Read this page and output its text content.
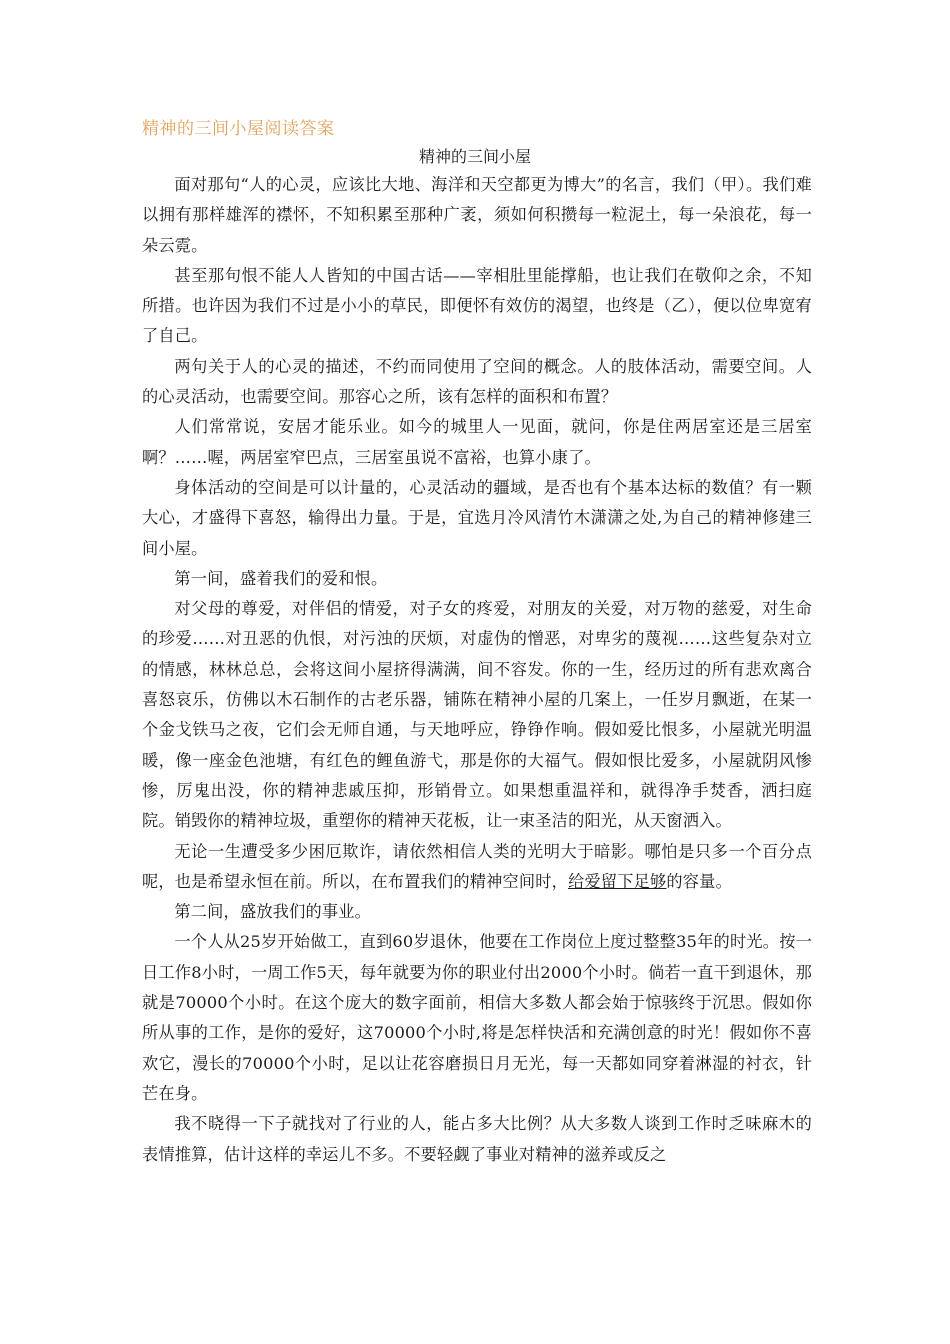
精神的三间小屋阅读答案
精神的三间小屋

面对那句“人的心灵，应该比大地、海洋和天空都更为博大”的名言，我们（甲）。我们难以拥有那样雄浑的襟怀，不知积累至那种广袤，须如何积攒每一粒泥土，每一朵浪花，每一朵云霓。

甚至那句恨不能人人皆知的中国古话——宰相肚里能撑船，也让我们在敬仰之余，不知所措。也许因为我们不过是小小的草民，即便怀有效仿的渴望，也终是（乙），便以位卑宽宥了自己。

两句关于人的心灵的描述，不约而同使用了空间的概念。人的肢体活动，需要空间。人的心灵活动，也需要空间。那容心之所，该有怎样的面积和布置？

人们常常说，安居才能乐业。如今的城里人一见面，就问，你是住两居室还是三居室啊？……喔，两居室窄巴点，三居室虽说不富裕，也算小康了。

身体活动的空间是可以计量的，心灵活动的疆域，是否也有个基本达标的数值？有一颗大心，才盛得下喜怒，输得出力量。于是，宜选月冷风清竹木潇潇之处,为自己的精神修建三间小屋。

第一间，盛着我们的爱和恨。

对父母的尊爱，对伴侣的情爱，对子女的疼爱，对朋友的关爱，对万物的慈爱，对生命的珍爱……对丑恶的仇恨，对污浊的厌烦，对虚伪的憎恶，对卑劣的蔑视……这些复杂对立的情感，林林总总，会将这间小屋挤得满满，间不容发。你的一生，经历过的所有悲欢离合喜怒哀乐，仿佛以木石制作的古老乐器，铺陈在精神小屋的几案上，一任岁月飘逝，在某一个金戈铁马之夜，它们会无师自通，与天地呼应，铮铮作响。假如爱比恨多，小屋就光明温暖，像一座金色池塘，有红色的鲤鱼游弋，那是你的大福气。假如恨比爱多，小屋就阴风惨惨，厉鬼出没，你的精神悲戚压抑，形销骨立。如果想重温祥和，就得净手焚香，洒扫庭院。销毁你的精神垃圾，重塑你的精神天花板，让一束圣洁的阳光，从天窗洒入。

无论一生遭受多少困厄欺诈，请依然相信人类的光明大于暗影。哪怕是只多一个百分点呢，也是希望永恒在前。所以，在布置我们的精神空间时，给爱留下足够的容量。

第二间，盛放我们的事业。

一个人从25岁开始做工，直到60岁退休，他要在工作岗位上度过整整35年的时光。按一日工作8小时，一周工作5天，每年就要为你的职业付出2000个小时。倘若一直干到退休，那就是70000个小时。在这个庞大的数字面前，相信大多数人都会始于惊骇终于沉思。假如你所从事的工作，是你的爱好，这70000个小时,将是怎样快活和充满创意的时光！假如你不喜欢它，漫长的70000个小时，足以让花容磨损日月无光，每一天都如同穿着淋湿的衬衣，针芒在身。

我不晓得一下子就找对了行业的人，能占多大比例？从大多数人谈到工作时乏味麻木的表情推算，估计这样的幸运儿不多。不要轻觑了事业对精神的滋养或反之
